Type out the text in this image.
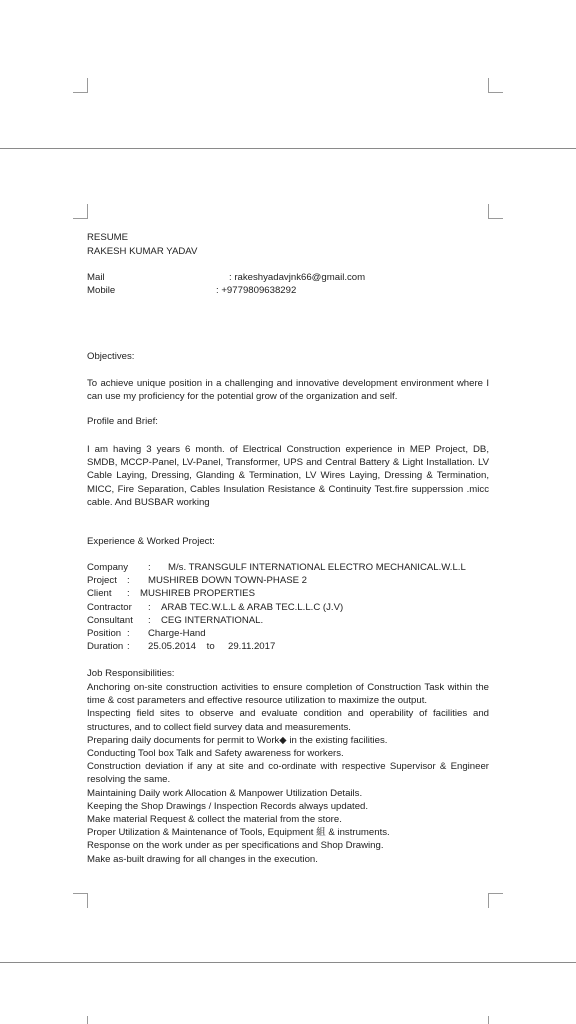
RESUME
RAKESH KUMAR YADAV
Mail	: rakeshyadavjnk66@gmail.com
Mobile	: +9779809638292
Objectives:
To achieve unique position in a challenging and innovative development environment where I can use my proficiency for the potential grow of the organization and self.
Profile and Brief:
I am having 3 years 6 month. of Electrical Construction experience in MEP Project, DB, SMDB, MCCP-Panel, LV-Panel, Transformer, UPS and Central Battery & Light Installation. LV Cable Laying, Dressing, Glanding & Termination, LV Wires Laying, Dressing & Termination, MICC, Fire Separation, Cables Insulation Resistance & Continuity Test.fire supperssion .micc cable. And BUSBAR working
Experience & Worked Project:
Company : M/s. TRANSGULF INTERNATIONAL ELECTRO MECHANICAL.W.L.L
Project : MUSHIREB DOWN TOWN-PHASE 2
Client : MUSHIREB PROPERTIES
Contractor : ARAB TEC.W.L.L & ARAB TEC.L.L.C (J.V)
Consultant : CEG INTERNATIONAL.
Position : Charge-Hand
Duration : 25.05.2014    to     29.11.2017
Job Responsibilities:
Anchoring on-site construction activities to ensure completion of Construction Task within the time & cost parameters and effective resource utilization to maximize the output.
Inspecting field sites to observe and evaluate condition and operability of facilities and structures, and to collect field survey data and measurements.
Preparing daily documents for permit to Work◆ in the existing facilities.
Conducting Tool box Talk and Safety awareness for workers.
Construction deviation if any at site and co-ordinate with respective Supervisor & Engineer resolving the same.
Maintaining Daily work Allocation & Manpower Utilization Details.
Keeping the Shop Drawings / Inspection Records always updated.
Make material Request & collect the material from the store.
Proper Utilization & Maintenance of Tools, Equipment 組 & instruments.
Response on the work under as per specifications and Shop Drawing.
Make as-built drawing for all changes in the execution.
